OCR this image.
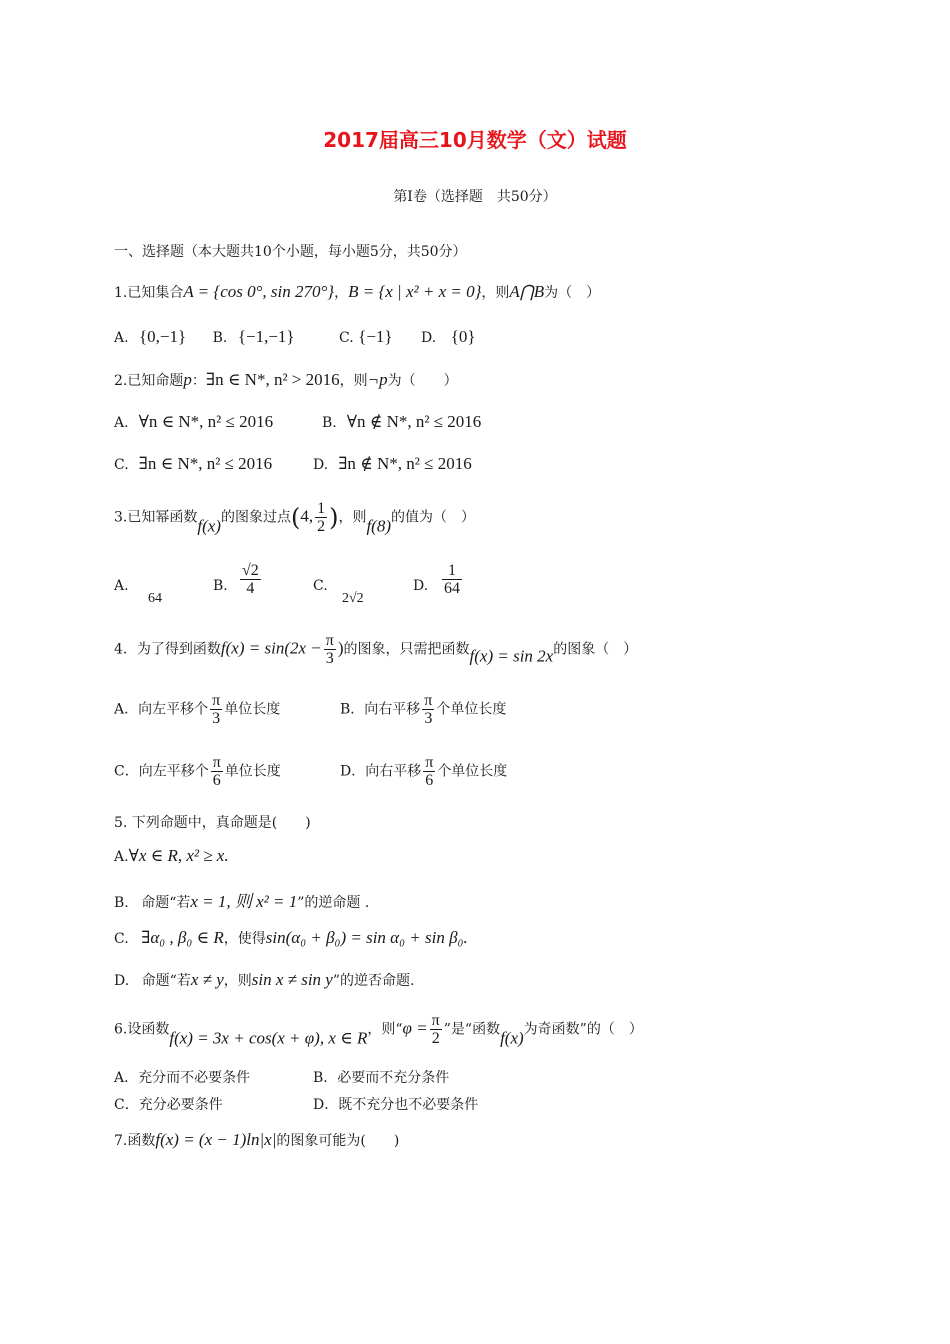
2017届高三10月数学（文）试题
第Ⅰ卷（选择题　共50分）
一、选择题（本大题共10个小题，每小题5分，共50分）
1.已知集合A = {cos 0°, sin 270°}，B = {x | x² + x = 0}，则A⋂B为（　）
A. {0,−1} B. {−1,−1}	C. {−1} D. {0}
2.已知命题p：∃n ∈ N*, n² > 2016，则¬p为（　　）
A. ∀n ∈ N*, n² ≤ 2016	B. ∀n ∉ N*, n² ≤ 2016
C. ∃n ∈ N*, n² ≤ 2016	D. ∃n ∉ N*, n² ≤ 2016
3.已知幂函数f(x)的图象过点(4, $\frac{1}{2}$ )，则f(8)的值为（　）
A.
64
B. $\frac{√2}{4}$	C.
2√2
D. $\frac{1}{64}$
4．为了得到函数$f(x) = \sin(2x - \frac{\pi}{3}$ )的图象，只需把函数f(x) = sin 2x的图象（　）
A．向左平移个 $\frac{\pi}{3}$ 单位长度	B．向右平移 $\frac{\pi}{3}$ 个单位长度
C．向左平移个 $\frac{\pi}{6}$ 单位长度	D．向右平移 $\frac{\pi}{6}$ 个单位长度
5. 下列命题中，真命题是(　　)
A.∀x ∈ R, x² ≥ x.
B. 命题“若x = 1, 则 x² = 1”的逆命题 .
C. ∃α₀ , β₀ ∈ R，使得sin(α₀ + β₀) = sin α₀ + sin β₀.
D. 命题“若x ≠ y，则sin x ≠ sin y”的逆否命题.
6.设函数f(x) = 3x + cos(x + φ), x ∈ R，则“$\varphi = \frac{\pi}{2}$ ”是“函数f(x)为奇函数”的（　）
A．充分而不必要条件	B．必要而不充分条件
C．充分必要条件	D．既不充分也不必要条件
7.函数f(x) = (x − 1)ln|x|的图象可能为(　　)
